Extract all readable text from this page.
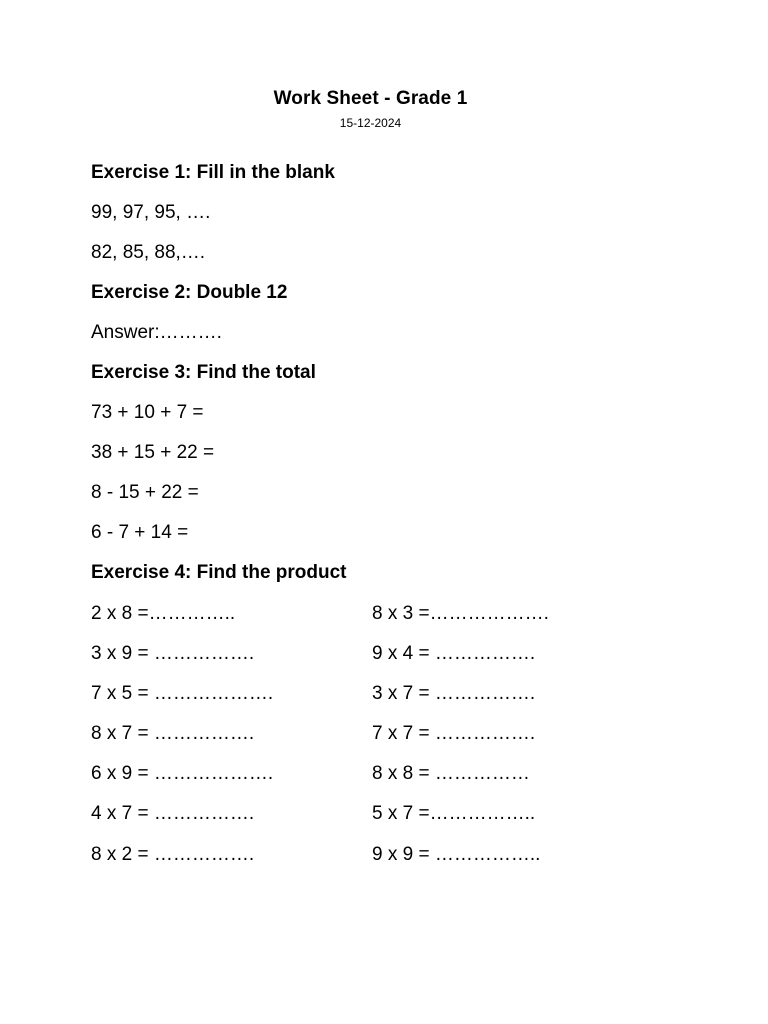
Work Sheet - Grade 1
15-12-2024
Exercise 1: Fill in the blank
99, 97, 95, ….
82, 85, 88,….
Exercise 2: Double 12
Answer:……….
Exercise 3: Find the total
73 + 10 + 7 =
38 + 15 + 22 =
8 - 15 + 22 =
6 - 7 + 14 =
Exercise 4: Find the product
2 x 8 =…………..	8 x 3 =……………….
3 x 9 = …………….	9 x 4 = …………….
7 x 5 = ……………….	3 x 7 = …………….
8 x 7 = …………….	7 x 7 = …………….
6 x 9 = ……………….	8 x 8 = ……………
4 x 7 = …………….	5 x 7 =……………..
8 x 2 = …………….	9 x 9 = ……………..
